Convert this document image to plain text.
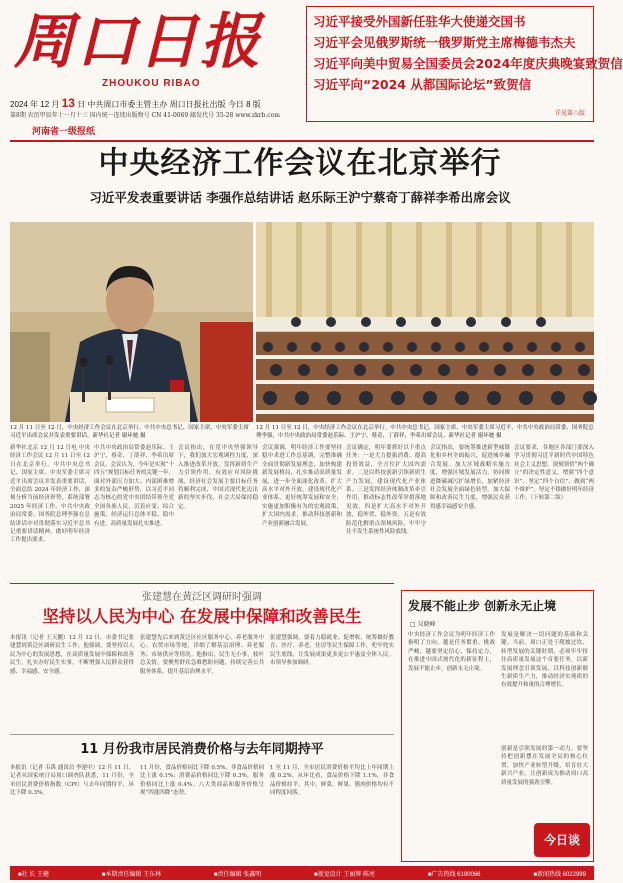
周口日报
ZHOUKOU RIBAO
2024 年 12 月 13 日 中共周口市委主管主办 周口日报社出版 今日 8 版
第8期 农历甲辰年十一月十三 国内统一连续出版物号 CN 41-0069 邮发代号 35-28 www.zkrb.com
河南省一级报纸
习近平接受外国新任驻华大使递交国书
习近平会见俄罗斯统一俄罗斯党主席梅德韦杰夫
习近平向美中贸易全国委员会2024年度庆典晚宴致贺信
习近平向“2024 从都国际论坛”致贺信
详见第八版
中央经济工作会议在北京举行
习近平发表重要讲话 李强作总结讲话 赵乐际王沪宁蔡奇丁薛祥李希出席会议
12 月 11 日至 12 日，中央经济工作会议在北京举行。中共中央总书记、国家主席、中央军委主席习近平出席会议并发表重要讲话。新华社记者 谢环驰 摄
12 月 11 日至 12 日，中央经济工作会议在北京举行。中共中央总书记、国家主席、中央军委主席习近平，中共中央政治局常委、国务院总理李强，中共中央政治局常委赵乐际、王沪宁、蔡奇、丁薛祥、李希出席会议。新华社记者 谢环驰 摄
新华社北京 12 月 12 日电 中央经济工作会议 12 月 11 日至 12 日在北京举行。中共中央总书记、国家主席、中央军委主席习近平出席会议并发表重要讲话，全面总结 2024 年经济工作，深刻分析当前经济形势，系统部署 2025 年经济工作。中共中央政治局常委、国务院总理李强在总结讲话中对贯彻落实习近平总书记重要讲话精神、做好明年经济工作提出要求。
中共中央政治局常委赵乐际、王沪宁、蔡奇、丁薛祥、李希出席会议。会议认为，今年是实现“十四五”规划目标任务的关键一年。面对外部压力加大、内部困难增多的复杂严峻形势，以习近平同志为核心的党中央团结带领全党全国各族人民，沉着应变、综合施策，经济运行总体平稳、稳中有进，高质量发展扎实推进。
会议指出，在党中央坚强领导下，我们加大宏观调控力度，深入推进改革开放，发挥新质生产力引领作用，有效应对风险挑战，经济社会发展主要目标任务将顺利完成，中国式现代化迈出新的坚实步伐，社会大局保持稳定。
会议强调，明年经济工作要坚持稳中求进工作总基调，完整准确全面贯彻新发展理念，加快构建新发展格局，扎实推动高质量发展，进一步全面深化改革，扩大高水平对外开放，建设现代化产业体系，更好统筹发展和安全，实施更加积极有为的宏观政策，扩大国内需求，推动科技创新和产业创新融合发展。
会议确定，明年要抓好以下重点任务：一是大力提振消费、提高投资效益，全方位扩大国内需求。二是以科技创新引领新质生产力发展，建设现代化产业体系。三是发挥经济体制改革牵引作用，推动标志性改革举措落地见效。四是扩大高水平对外开放，稳外贸、稳外资。五是有效防范化解重点领域风险，牢牢守住不发生系统性风险底线。
会议指出，要统筹推进新型城镇化和乡村全面振兴，促进城乡融合发展。加大区域战略实施力度，增强区域发展活力。协同推进降碳减污扩绿增长，加紧经济社会发展全面绿色转型。加大保障和改善民生力度，增强民众获得感幸福感安全感。
会议要求，各地区各部门要深入学习贯彻习近平新时代中国特色社会主义思想，深刻领悟“两个确立”的决定性意义，增强“四个意识”、坚定“四个自信”、做到“两个维护”，坚定不移做好明年经济工作。（下转第二版）
张建慧在黄泛区调研时强调
坚持以人民为中心 在发展中保障和改善民生
本报讯（记者 王天鹏）12 月 12 日，市委书记张建慧到黄泛区调研民生工作。他强调，要坚持以人民为中心的发展思想，在高质量发展中保障和改善民生，扎实办好民生实事，不断增强人民群众获得感、幸福感、安全感。
张建慧先后来到黄泛区社区服务中心、养老服务中心、农贸市场等地，详细了解基层治理、养老服务、市场供应等情况。他指出，民生无小事，枝叶总关情。要聚焦群众急难愁盼问题，持续完善公共服务体系，提升基层治理水平。
张建慧强调，要着力稳就业、促增收，统筹做好教育、医疗、养老、住房等民生保障工作，兜牢兜实民生底线，让发展成果更多更公平惠及全体人民。市领导参加调研。
11 月份我市居民消费价格与去年同期持平
本报讯（记者 韦禹 通讯员 李建中）12 月 11 日，记者从国家统计局周口调查队获悉，11 月份，全市居民消费价格指数（CPI）与去年同期持平，环比下降 0.3%。
11 月份，食品价格同比下降 0.5%，非食品价格同比上涨 0.1%；消费品价格同比下降 0.3%，服务价格同比上涨 0.4%。八大类商品和服务价格呈现“四涨四降”态势。
1 至 11 月，全市居民消费价格平均比上年同期上涨 0.2%。从环比看，食品价格下降 1.1%，非食品价格持平。其中，鲜菜、鲜果、猪肉价格均有不同程度回落。
发展不能止步 创新永无止境
□ 吴晓峰
中央经济工作会议为明年经济工作指明了方向。越是任务繁重、挑战严峻，越要坚定信心、保持定力，在推进中国式现代化的新征程上，发展不能止步，创新永无止境。
发展是解决一切问题的基础和关键。当前，周口正处于爬坡过坎、转型发展的关键时期，必须牢牢扭住高质量发展这个首要任务，以新发展理念引领发展，以科技创新催生新质生产力，推动经济实现质的有效提升和量的合理增长。
创新是引领发展的第一动力。要坚持把创新摆在发展全局的核心位置，加快产业转型升级，培育壮大新兴产业，让创新成为推动周口高质量发展的强劲引擎。
今日谈
■社 长 王健	■本期责任编辑 王东林	■责任编辑 张鑫明	■视觉设计 王丽辉 陈亮	■广告热线 6190066	■新闻热线 6022999
